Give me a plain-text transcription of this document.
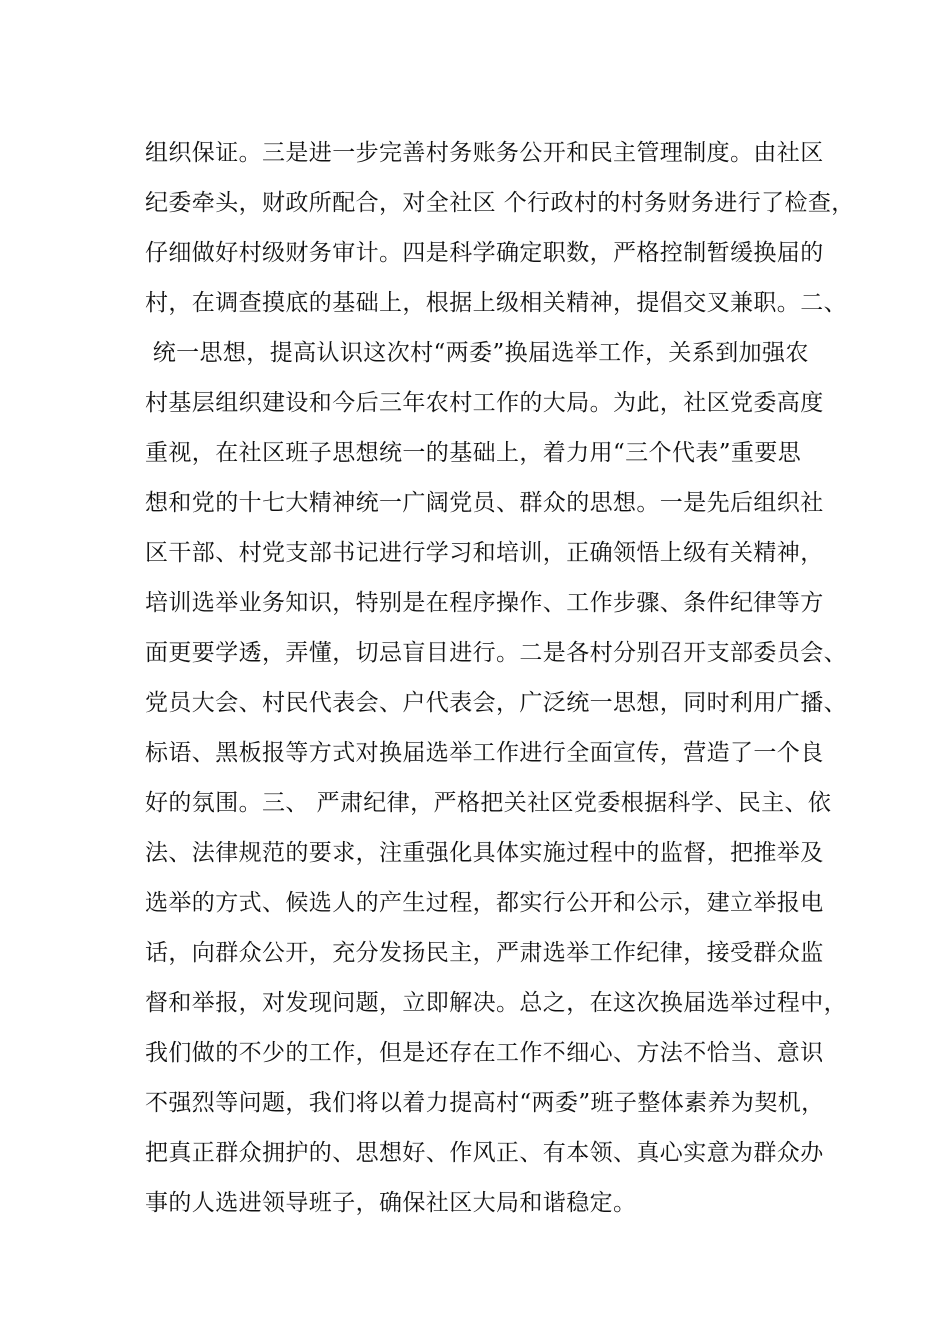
组织保证。三是进一步完善村务账务公开和民主管理制度。由社区
纪委牵头，财政所配合，对全社区 个行政村的村务财务进行了检查，
仔细做好村级财务审计。四是科学确定职数，严格控制暂缓换届的
村，在调查摸底的基础上，根据上级相关精神，提倡交叉兼职。二、
统一思想，提高认识这次村“两委”换届选举工作，关系到加强农
村基层组织建设和今后三年农村工作的大局。为此，社区党委高度
重视，在社区班子思想统一的基础上，着力用“三个代表”重要思
想和党的十七大精神统一广阔党员、群众的思想。一是先后组织社
区干部、村党支部书记进行学习和培训，正确领悟上级有关精神，
培训选举业务知识，特别是在程序操作、工作步骤、条件纪律等方
面更要学透，弄懂，切忌盲目进行。二是各村分别召开支部委员会、
党员大会、村民代表会、户代表会，广泛统一思想，同时利用广播、
标语、黑板报等方式对换届选举工作进行全面宣传，营造了一个良
好的氛围。三、 严肃纪律，严格把关社区党委根据科学、民主、依
法、法律规范的要求，注重强化具体实施过程中的监督，把推举及
选举的方式、候选人的产生过程，都实行公开和公示，建立举报电
话，向群众公开，充分发扬民主，严肃选举工作纪律，接受群众监
督和举报，对发现问题，立即解决。总之，在这次换届选举过程中，
我们做的不少的工作，但是还存在工作不细心、方法不恰当、意识
不强烈等问题，我们将以着力提高村“两委”班子整体素养为契机，
把真正群众拥护的、思想好、作风正、有本领、真心实意为群众办
事的人选进领导班子，确保社区大局和谐稳定。
